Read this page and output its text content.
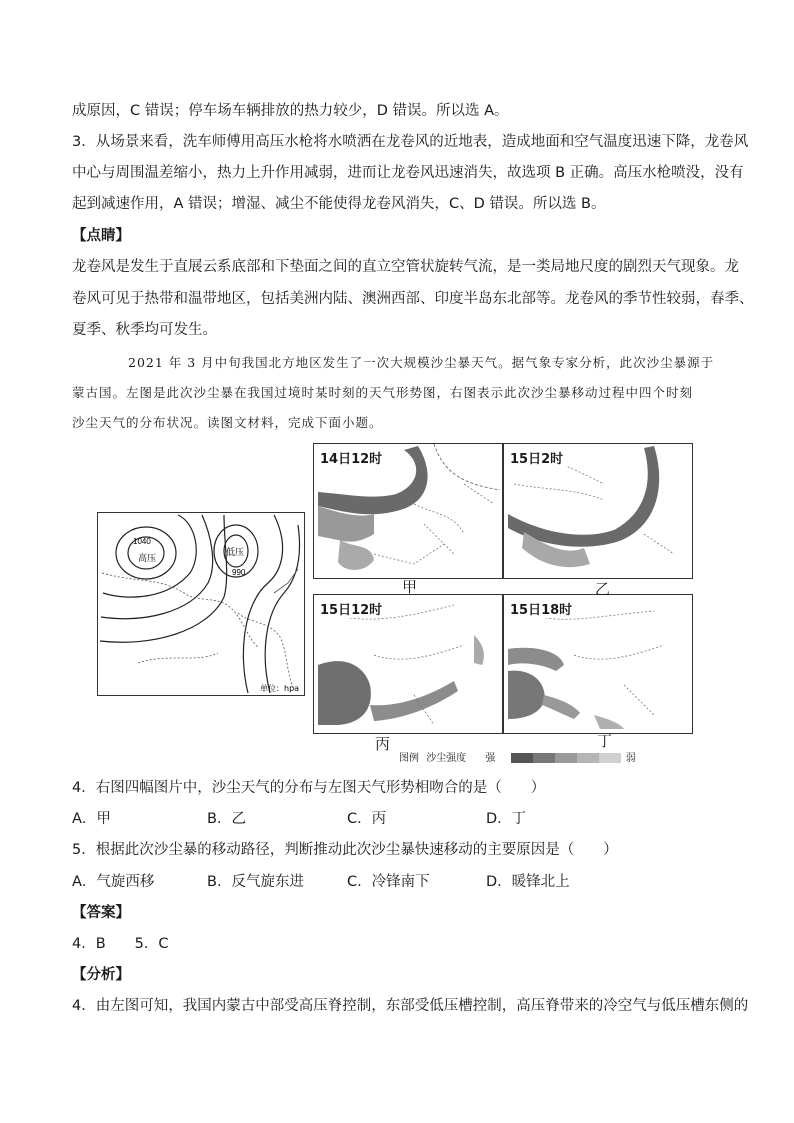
成原因，C 错误；停车场车辆排放的热力较少，D 错误。所以选 A。
3．从场景来看，洗车师傅用高压水枪将水喷洒在龙卷风的近地表，造成地面和空气温度迅速下降，龙卷风
中心与周围温差缩小，热力上升作用减弱，进而让龙卷风迅速消失，故选项 B 正确。高压水枪喷没，没有
起到减速作用，A 错误；增湿、减尘不能使得龙卷风消失，C、D 错误。所以选 B。
【点睛】
龙卷风是发生于直展云系底部和下垫面之间的直立空管状旋转气流，是一类局地尺度的剧烈天气现象。龙
卷风可见于热带和温带地区，包括美洲内陆、澳洲西部、印度半岛东北部等。龙卷风的季节性较弱，春季、
夏季、秋季均可发生。
2021 年 3 月中旬我国北方地区发生了一次大规模沙尘暴天气。据气象专家分析，此次沙尘暴源于
蒙古国。左图是此次沙尘暴在我国过境时某时刻的天气形势图，右图表示此次沙尘暴移动过程中四个时刻
沙尘天气的分布状况。读图文材料，完成下面小题。
1040
高压
低压
990
单位：hpa
14日12时	15日2时
15日12时	15日18时
甲	乙
丙	丁
图例 沙尘强度 强	弱
4．右图四幅图片中，沙尘天气的分布与左图天气形势相吻合的是（　　）
A．甲	B．乙	C．丙	D．丁
5．根据此次沙尘暴的移动路径，判断推动此次沙尘暴快速移动的主要原因是（　　）
A．气旋西移	B．反气旋东进	C．冷锋南下	D．暖锋北上
【答案】
4．B　　5．C
【分析】
4．由左图可知，我国内蒙古中部受高压脊控制，东部受低压槽控制，高压脊带来的冷空气与低压槽东侧的
